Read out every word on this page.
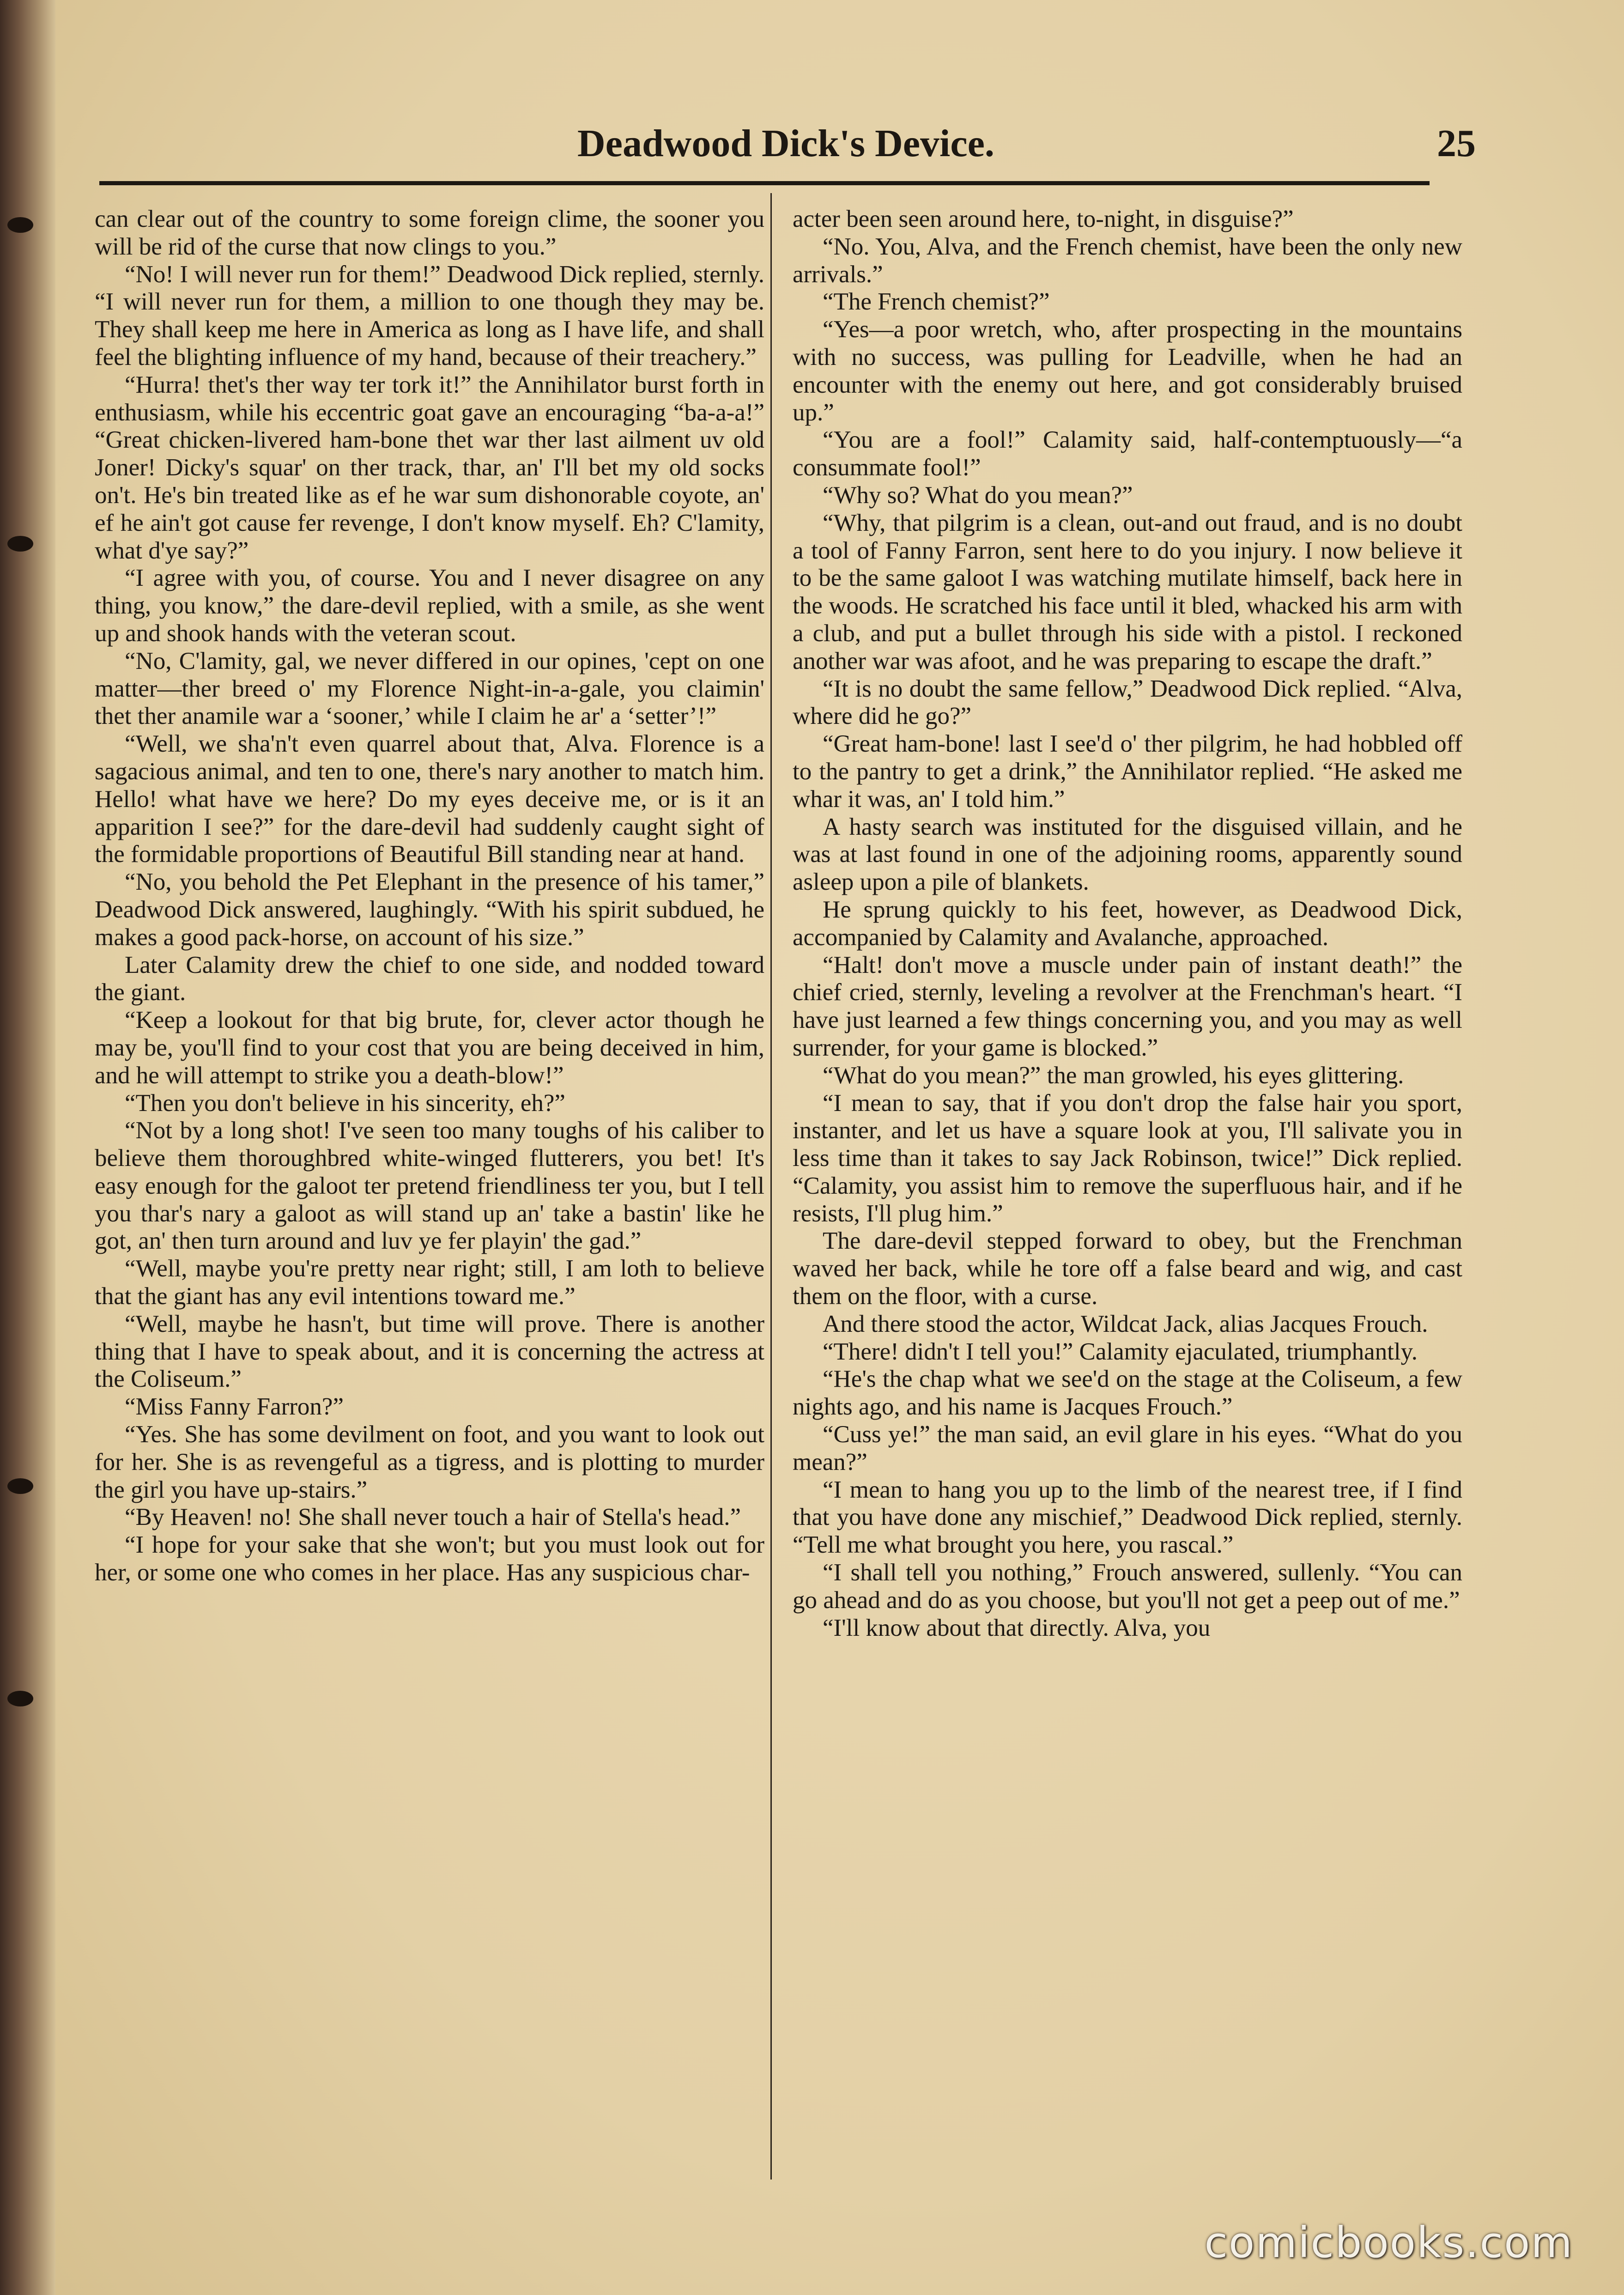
Deadwood Dick's Device.	25

can clear out of the country to some foreign clime, the sooner you will be rid of the curse that now clings to you.”

“No! I will never run for them!” Deadwood Dick replied, sternly. “I will never run for them, a million to one though they may be. They shall keep me here in America as long as I have life, and shall feel the blighting influence of my hand, because of their treachery.”

“Hurra! thet's ther way ter tork it!” the Annihilator burst forth in enthusiasm, while his eccentric goat gave an encouraging “ba-a-a!” “Great chicken-livered ham-bone thet war ther last ailment uv old Joner! Dicky's squar' on ther track, thar, an' I'll bet my old socks on't. He's bin treated like as ef he war sum dishonorable coyote, an' ef he ain't got cause fer revenge, I don't know myself. Eh? C'lamity, what d'ye say?”

“I agree with you, of course. You and I never disagree on any thing, you know,” the dare-devil replied, with a smile, as she went up and shook hands with the veteran scout.

“No, C'lamity, gal, we never differed in our opines, 'cept on one matter—ther breed o' my Florence Night-in-a-gale, you claimin' thet ther anamile war a ‘sooner,’ while I claim he ar' a ‘setter’!”

“Well, we sha'n't even quarrel about that, Alva. Florence is a sagacious animal, and ten to one, there's nary another to match him. Hello! what have we here? Do my eyes deceive me, or is it an apparition I see?” for the dare-devil had suddenly caught sight of the formidable proportions of Beautiful Bill standing near at hand.

“No, you behold the Pet Elephant in the presence of his tamer,” Deadwood Dick answered, laughingly. “With his spirit subdued, he makes a good pack-horse, on account of his size.”

Later Calamity drew the chief to one side, and nodded toward the giant.

“Keep a lookout for that big brute, for, clever actor though he may be, you'll find to your cost that you are being deceived in him, and he will attempt to strike you a death-blow!”

“Then you don't believe in his sincerity, eh?”

“Not by a long shot! I've seen too many toughs of his caliber to believe them thoroughbred white-winged flutterers, you bet! It's easy enough for the galoot ter pretend friendliness ter you, but I tell you thar's nary a galoot as will stand up an' take a bastin' like he got, an' then turn around and luv ye fer playin' the gad.”

“Well, maybe you're pretty near right; still, I am loth to believe that the giant has any evil intentions toward me.”

“Well, maybe he hasn't, but time will prove. There is another thing that I have to speak about, and it is concerning the actress at the Coliseum.”

“Miss Fanny Farron?”

“Yes. She has some devilment on foot, and you want to look out for her. She is as revengeful as a tigress, and is plotting to murder the girl you have up-stairs.”

“By Heaven! no! She shall never touch a hair of Stella's head.”

“I hope for your sake that she won't; but you must look out for her, or some one who comes in her place. Has any suspicious char-

acter been seen around here, to-night, in disguise?”

“No. You, Alva, and the French chemist, have been the only new arrivals.”

“The French chemist?”

“Yes—a poor wretch, who, after prospecting in the mountains with no success, was pulling for Leadville, when he had an encounter with the enemy out here, and got considerably bruised up.”

“You are a fool!” Calamity said, half-contemptuously—“a consummate fool!”

“Why so? What do you mean?”

“Why, that pilgrim is a clean, out-and out fraud, and is no doubt a tool of Fanny Farron, sent here to do you injury. I now believe it to be the same galoot I was watching mutilate himself, back here in the woods. He scratched his face until it bled, whacked his arm with a club, and put a bullet through his side with a pistol. I reckoned another war was afoot, and he was preparing to escape the draft.”

“It is no doubt the same fellow,” Deadwood Dick replied. “Alva, where did he go?”

“Great ham-bone! last I see'd o' ther pilgrim, he had hobbled off to the pantry to get a drink,” the Annihilator replied. “He asked me whar it was, an' I told him.”

A hasty search was instituted for the disguised villain, and he was at last found in one of the adjoining rooms, apparently sound asleep upon a pile of blankets.

He sprung quickly to his feet, however, as Deadwood Dick, accompanied by Calamity and Avalanche, approached.

“Halt! don't move a muscle under pain of instant death!” the chief cried, sternly, leveling a revolver at the Frenchman's heart. “I have just learned a few things concerning you, and you may as well surrender, for your game is blocked.”

“What do you mean?” the man growled, his eyes glittering.

“I mean to say, that if you don't drop the false hair you sport, instanter, and let us have a square look at you, I'll salivate you in less time than it takes to say Jack Robinson, twice!” Dick replied. “Calamity, you assist him to remove the superfluous hair, and if he resists, I'll plug him.”

The dare-devil stepped forward to obey, but the Frenchman waved her back, while he tore off a false beard and wig, and cast them on the floor, with a curse.

And there stood the actor, Wildcat Jack, alias Jacques Frouch.

“There! didn't I tell you!” Calamity ejaculated, triumphantly.

“He's the chap what we see'd on the stage at the Coliseum, a few nights ago, and his name is Jacques Frouch.”

“Cuss ye!” the man said, an evil glare in his eyes. “What do you mean?”

“I mean to hang you up to the limb of the nearest tree, if I find that you have done any mischief,” Deadwood Dick replied, sternly. “Tell me what brought you here, you rascal.”

“I shall tell you nothing,” Frouch answered, sullenly. “You can go ahead and do as you choose, but you'll not get a peep out of me.”

“I'll know about that directly. Alva, you

comicbooks.com
